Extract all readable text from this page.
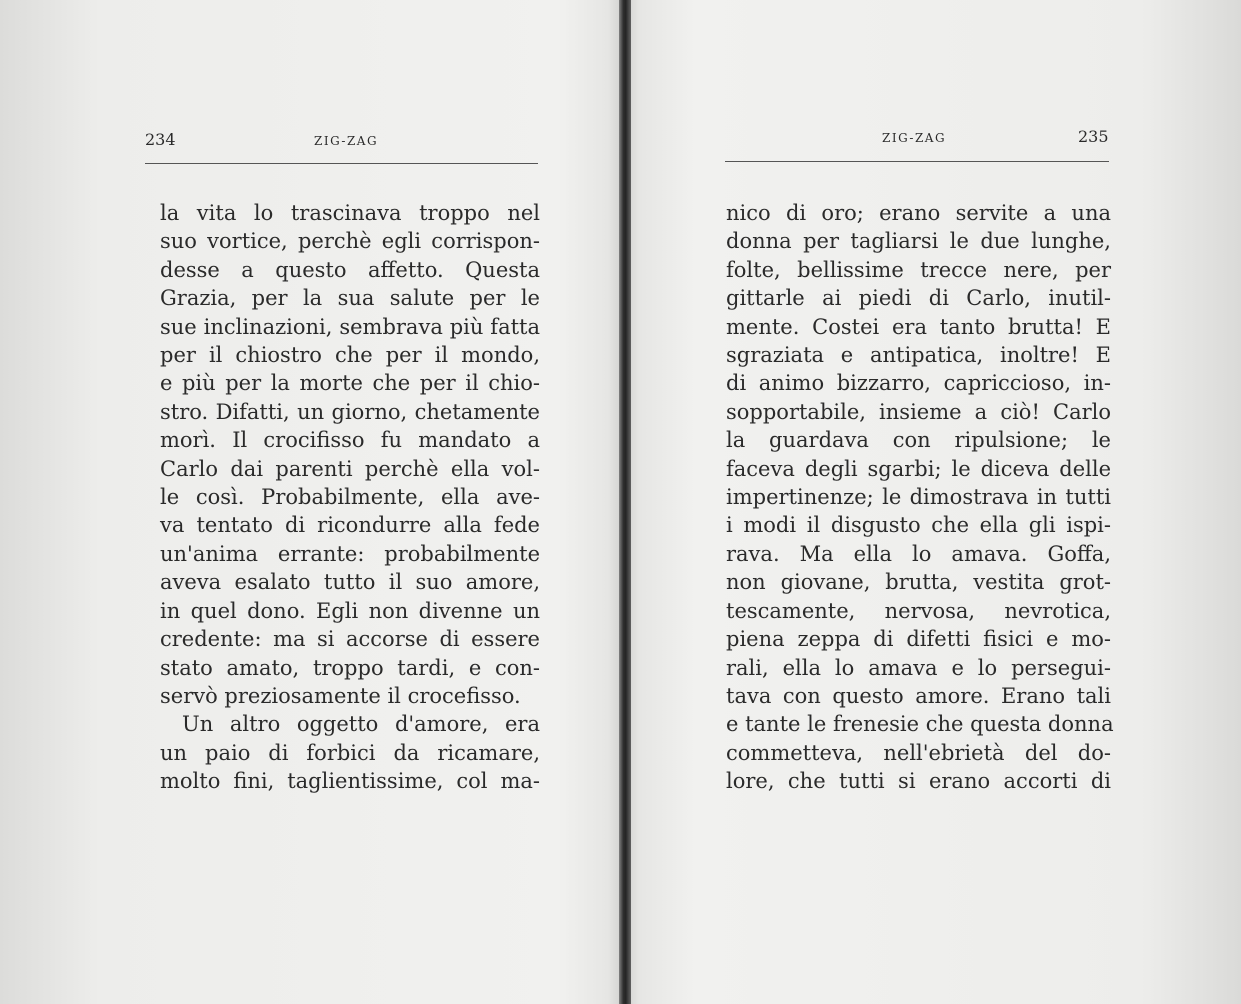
234	ZIG-ZAG
la vita lo trascinava troppo nel
suo vortice, perchè egli corrispon-
desse a questo affetto. Questa
Grazia, per la sua salute per le
sue inclinazioni, sembrava più fatta
per il chiostro che per il mondo,
e più per la morte che per il chio-
stro. Difatti, un giorno, chetamente
morì. Il crocifisso fu mandato a
Carlo dai parenti perchè ella vol-
le così. Probabilmente, ella ave-
va tentato di ricondurre alla fede
un'anima errante: probabilmente
aveva esalato tutto il suo amore,
in quel dono. Egli non divenne un
credente: ma si accorse di essere
stato amato, troppo tardi, e con-
servò preziosamente il crocefisso.
Un altro oggetto d'amore, era
un paio di forbici da ricamare,
molto fini, taglientissime, col ma-
ZIG-ZAG	235
nico di oro; erano servite a una
donna per tagliarsi le due lunghe,
folte, bellissime trecce nere, per
gittarle ai piedi di Carlo, inutil-
mente. Costei era tanto brutta! E
sgraziata e antipatica, inoltre! E
di animo bizzarro, capriccioso, in-
sopportabile, insieme a ciò! Carlo
la guardava con ripulsione; le
faceva degli sgarbi; le diceva delle
impertinenze; le dimostrava in tutti
i modi il disgusto che ella gli ispi-
rava. Ma ella lo amava. Goffa,
non giovane, brutta, vestita grot-
tescamente, nervosa, nevrotica,
piena zeppa di difetti fisici e mo-
rali, ella lo amava e lo persegui-
tava con questo amore. Erano tali
e tante le frenesie che questa donna
commetteva, nell'ebrietà del do-
lore, che tutti si erano accorti di
